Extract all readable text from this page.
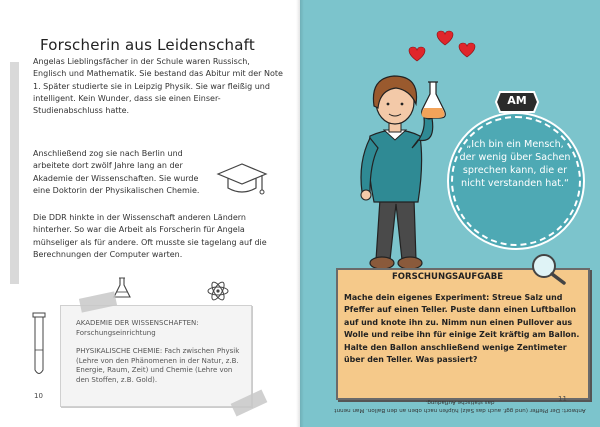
Forscherin aus Leidenschaft

Angelas Lieblingsfächer in der Schule waren Russisch, Englisch und Mathematik. Sie bestand das Abitur mit der Note 1. Später studierte sie in Leipzig Physik. Sie war fleißig und intelligent. Kein Wunder, dass sie einen Einser-Studienabschluss hatte.

Anschließend zog sie nach Berlin und arbeitete dort zwölf Jahre lang an der Akademie der Wissenschaften. Sie wurde eine Doktorin der Physikalischen Chemie.

Die DDR hinkte in der Wissenschaft anderen Ländern hinterher. So war die Arbeit als Forscherin für Angela mühseliger als für andere. Oft musste sie tagelang auf die Berechnungen der Computer warten.

AKADEMIE DER WISSENSCHAFTEN: Forschungseinrichtung

PHYSIKALISCHE CHEMIE: Fach zwischen Physik (Lehre von den Phänomenen in der Natur, z.B. Energie, Raum, Zeit) und Chemie (Lehre von den Stoffen, z.B. Gold).

10
AM

„Ich bin ein Mensch, der wenig über Sachen sprechen kann, die er nicht verstanden hat.“

FORSCHUNGSAUFGABE

Mache dein eigenes Experiment: Streue Salz und Pfeffer auf einen Teller. Puste dann einen Luftballon auf und knote ihn zu. Nimm nun einen Pullover aus Wolle und reibe ihn für einige Zeit kräftig am Ballon. Halte den Ballon anschließend wenige Zentimeter über den Teller. Was passiert?

Antwort: Der Pfeffer (und ggf. auch das Salz) hüpfen nach oben an den Ballon. Man nennt das statische Aufladung.	11
